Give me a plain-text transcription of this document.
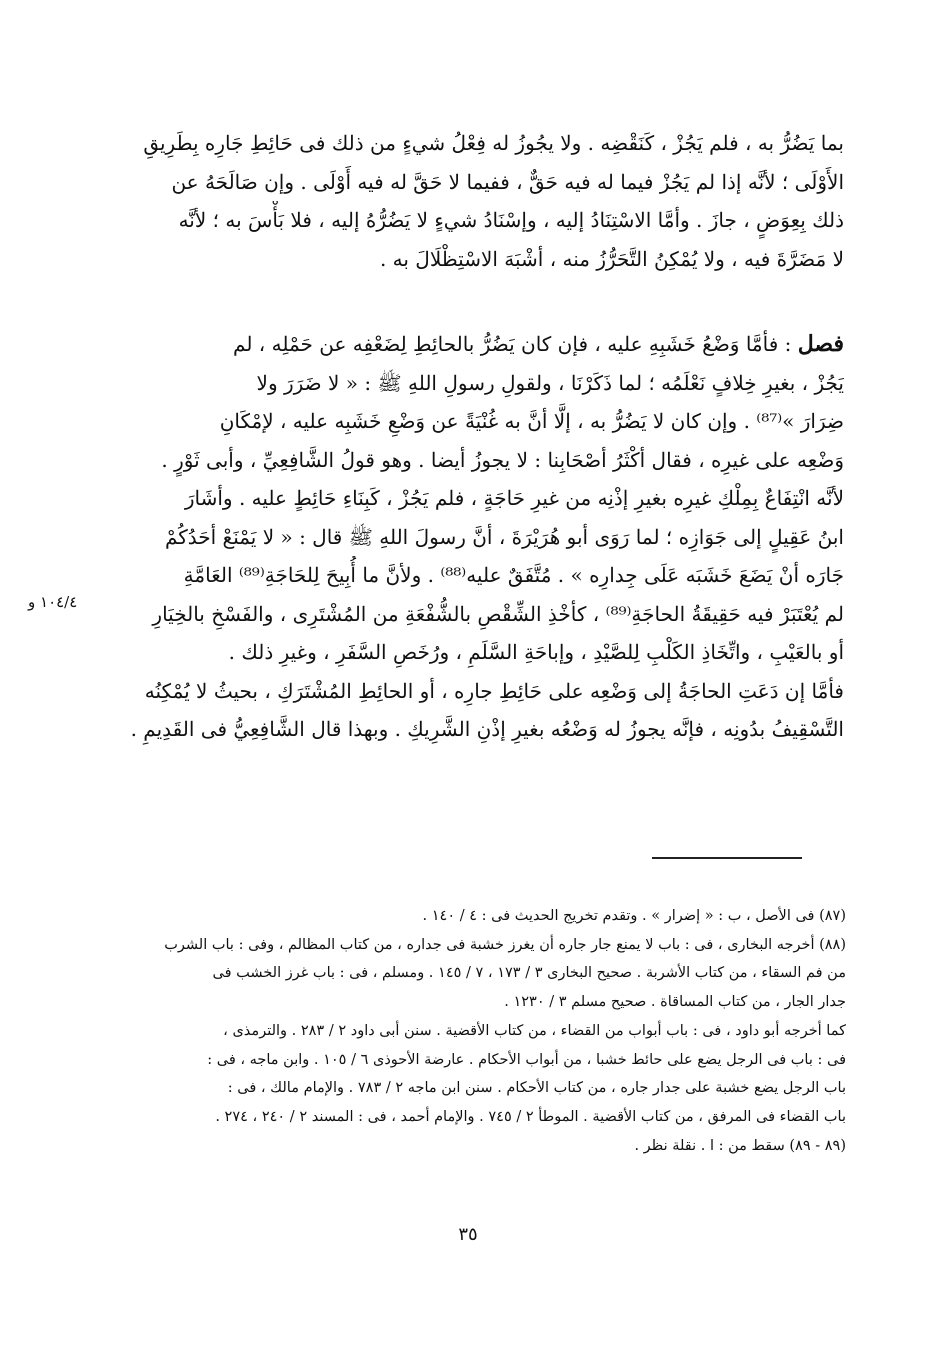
بما يَضُرُّ به ، فلم يَجُزْ ، كَنَقْضِه . ولا يجُوزُ له فِعْلُ شيءٍ من ذلك فى حَائِطِ جَارِه بِطَرِيقِ
الأَوْلَى ؛ لأنَّه إذا لم يَجُزْ فيما له فيه حَقٌّ ، ففيما لا حَقَّ له فيه أَوْلَى . وإن صَالَحَهُ عن
ذلك بِعِوَضٍ ، جازَ . وأمَّا الاسْتِنَادُ إليه ، وإسْنَادُ شيءٍ لا يَضُرُّهُ إليه ، فلا بَأْسَ به ؛ لأنَّه
لا مَضَرَّةَ فيه ، ولا يُمْكِنُ التَّحَرُّزُ منه ، أشْبَهَ الاسْتِظْلَالَ به .
فصل : فأمَّا وَضْعُ خَشَبِهِ عليه ، فإن كان يَضُرُّ بالحائِطِ لِضَعْفِه عن حَمْلِه ، لم
يَجُزْ ، بغيرِ خِلافٍ نَعْلَمُه ؛ لما ذَكَرْنَا ، ولقولِ رسولِ اللهِ ﷺ : « لا ضَرَرَ ولا
ضِرَارَ »⁽⁸⁷⁾ . وإن كان لا يَضُرُّ به ، إلَّا أنَّ به غُنْيَةً عن وَضْعِ خَشَبِه عليه ، لإمْكَانِ
وَضْعِه على غيرِه ، فقال أكْثَرُ أصْحَابِنا : لا يجوزُ أيضا . وهو قولُ الشَّافِعِيِّ ، وأبى ثَوْرٍ .
لأنَّه انْتِفَاعٌ بِمِلْكِ غيرِه بغيرِ إذْنِه من غيرِ حَاجَةٍ ، فلم يَجُزْ ، كَبِنَاءِ حَائِطٍ عليه . وأشَارَ
ابنُ عَقِيلٍ إلى جَوَازِه ؛ لما رَوَى أبو هُرَيْرَةَ ، أنَّ رسولَ اللهِ ﷺ قال : « لا يَمْنَعْ أحَدُكُمْ
جَارَه أنْ يَضَعَ خَشَبَه عَلَى جِدارِه » . مُتَّفَقٌ عليه⁽⁸⁸⁾ . ولأنَّ ما أُبِيحَ لِلحَاجَةِ⁽⁸⁹⁾ العَامَّةِ
لم يُعْتَبَرْ فيه حَقِيقَةُ الحاجَةِ⁽⁸⁹⁾ ، كأخْذِ الشِّقْصِ بالشُّفْعَةِ من المُشْتَرِى ، والفَسْخِ بالخِيَارِ
أو بالعَيْبِ ، واتِّخَاذِ الكَلْبِ لِلصَّيْدِ ، وإباحَةِ السَّلَمِ ، ورُخَصِ السَّفَرِ ، وغيرِ ذلك .
فأمَّا إن دَعَتِ الحاجَةُ إلى وَضْعِه على حَائِطِ جارِه ، أو الحائِطِ المُشْتَرَكِ ، بحيثُ لا يُمْكِنُه
التَّسْقِيفُ بدُونِه ، فإنَّه يجوزُ له وَضْعُه بغيرِ إذْنِ الشَّرِيكِ . وبهذا قال الشَّافِعِيُّ فى القَدِيمِ .
١٠٤/٤ و
(٨٧) فى الأصل ، ب : « إضرار » . وتقدم تخريج الحديث فى : ٤ / ١٤٠ .
(٨٨) أخرجه البخارى ، فى : باب لا يمنع جار جاره أن يغرز خشبة فى جداره ، من كتاب المظالم ، وفى : باب الشرب
من فم السقاء ، من كتاب الأشربة . صحيح البخارى ٣ / ١٧٣ ، ٧ / ١٤٥ . ومسلم ، فى : باب غرز الخشب فى
جدار الجار ، من كتاب المساقاة . صحيح مسلم ٣ / ١٢٣٠ .
كما أخرجه أبو داود ، فى : باب أبواب من القضاء ، من كتاب الأقضية . سنن أبى داود ٢ / ٢٨٣ . والترمذى ،
فى : باب فى الرجل يضع على حائط خشبا ، من أبواب الأحكام . عارضة الأحوذى ٦ / ١٠٥ . وابن ماجه ، فى :
باب الرجل يضع خشبة على جدار جاره ، من كتاب الأحكام . سنن ابن ماجه ٢ / ٧٨٣ . والإمام مالك ، فى :
باب القضاء فى المرفق ، من كتاب الأقضية . الموطأ ٢ / ٧٤٥ . والإمام أحمد ، فى : المسند ٢ / ٢٤٠ ، ٢٧٤ .
(٨٩ - ٨٩) سقط من : ا . نقلة نظر .
٣٥
